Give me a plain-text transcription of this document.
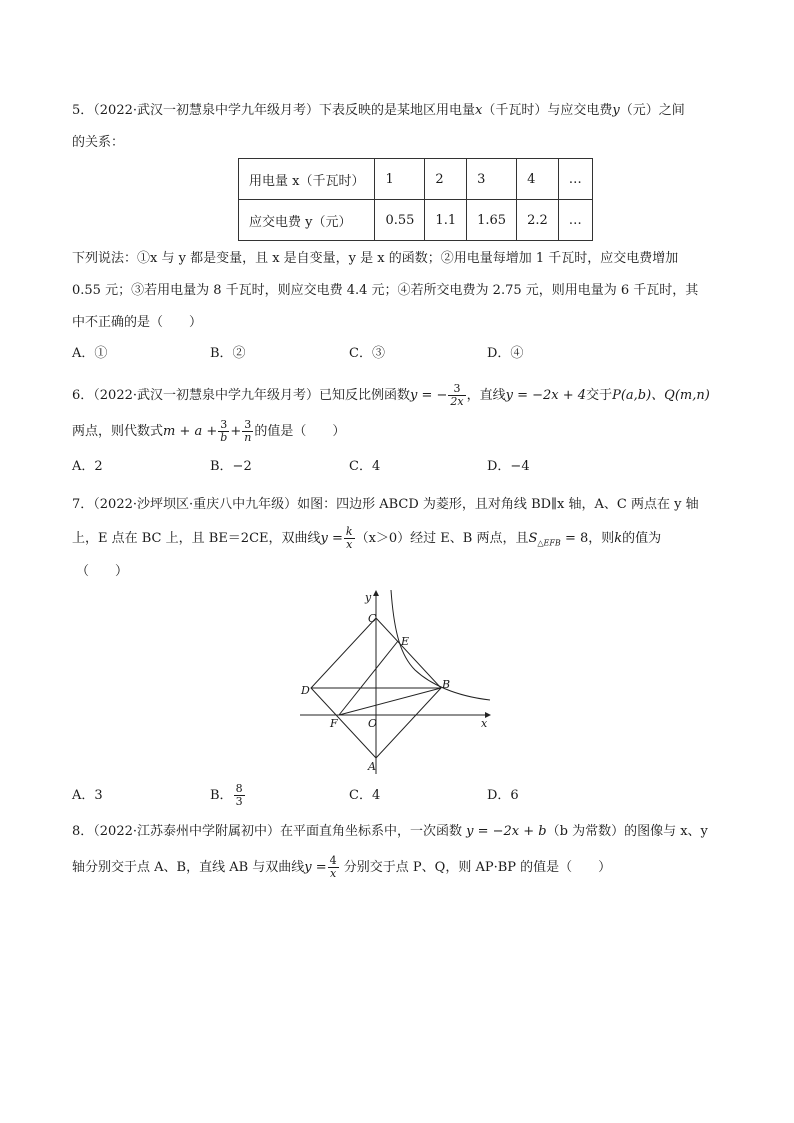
5．（2022·武汉一初慧泉中学九年级月考）下表反映的是某地区用电量x（千瓦时）与应交电费y（元）之间
的关系：
用电量 x（千瓦时）	1	2	3	4	…
应交电费 y（元）	0.55	1.1	1.65	2.2	…
下列说法：①x 与 y 都是变量，且 x 是自变量，y 是 x 的函数；②用电量每增加 1 千瓦时，应交电费增加
0.55 元；③若用电量为 8 千瓦时，则应交电费 4.4 元；④若所交电费为 2.75 元，则用电量为 6 千瓦时，其
中不正确的是（　　）
A．①	B．②	C．③	D．④
6．（2022·武汉一初慧泉中学九年级月考）已知反比例函数y = − $\frac{3}{2x}$ ，直线y = −2x + 4交于P(a,b)、Q(m,n)
两点，则代数式$m + a + \frac{3}{b} + \frac{3}{n}$ 的值是（　　）
A．2	B．−2	C．4	D．−4
7．（2022·沙坪坝区·重庆八中九年级）如图：四边形 ABCD 为菱形，且对角线 BD∥x 轴，A、C 两点在 y 轴
上，E 点在 BC 上，且 BE＝2CE，双曲线$y = \frac{k}{x} (x>0)$经过 E、B 两点，且$S_{\triangle EFB} = 8$，则k的值为
（　　）
y
x
C
E
B
D
F	O
A
A．3	B． $\frac{8}{3}$	C．4	D．6
8．（2022·江苏泰州中学附属初中）在平面直角坐标系中，一次函数 y = −2x + b（b 为常数）的图像与 x、y
轴分别交于点 A、B，直线 AB 与双曲线$y = \frac{4}{x}$ 分别交于点 P、Q，则 AP·BP 的值是（　　）
